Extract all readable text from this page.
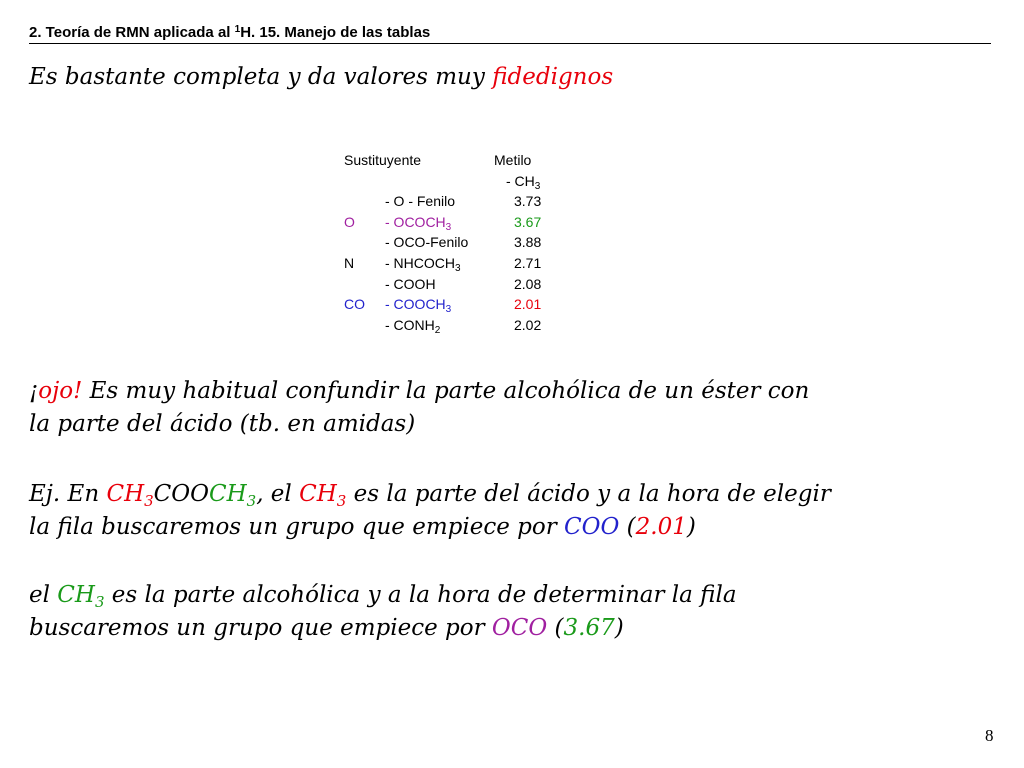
2. Teoría de RMN aplicada al $^1$H. 15. Manejo de las tablas
Es bastante completa y da valores muy fidedignos
Sustituyente	Metilo
- $CH_3$
- O - Fenilo	3.73
O - $OCOCH_3$	3.67
- OCO-Fenilo	3.88
N - $NHCOCH_3$	2.71
- COOH	2.08
CO - $COOCH_3$	2.01
- $CONH_2$	2.02
¡ojo! Es muy habitual confundir la parte alcohólica de un éster con
la parte del ácido (tb. en amidas)
Ej. En $CH_3COOCH_3$, el $CH_3$ es la parte del ácido y a la hora de elegir
la fila buscaremos un grupo que empiece por COO (2.01)
el $CH_3$ es la parte alcohólica y a la hora de determinar la fila
buscaremos un grupo que empiece por OCO (3.67)
8
